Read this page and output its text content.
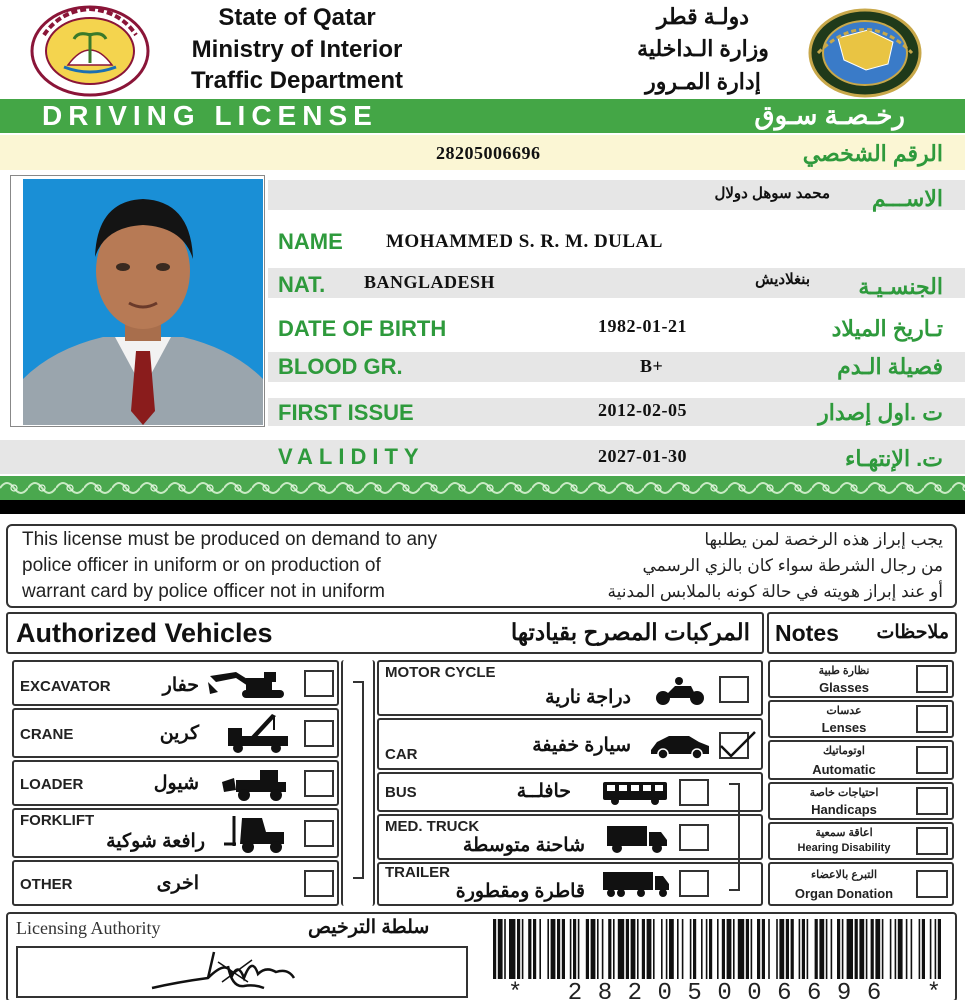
State of Qatar
Ministry of Interior
Traffic Department
دولـة قطر
وزارة الـداخلية
إدارة المـرور
DRIVING LICENSE	رخـصـة سـوق
28205006696	الرقم الشخصي
محمد سوهل دولال الاســـم
NAME MOHAMMED S. R. M. DULAL
NAT. BANGLADESH	بنغلاديش الجنسـيـة
DATE OF BIRTH	1982-01-21	تـاريخ الميلاد
BLOOD GR.	B+	فصيلة الـدم
FIRST ISSUE	2012-02-05	ت .اول إصدار
VALIDITY	2027-01-30	ت. الإنتهـاء
This license must be produced on demand to any
police officer in uniform or on production of
warrant card by police officer not in uniform
يجب إبراز هذه الرخصة لمن يطلبها
من رجال الشرطة سواء كان بالزي الرسمي
أو عند إبراز هويته في حالة كونه بالملابس المدنية
Authorized Vehicles	المركبات المصرح بقيادتها Notes ملاحظات
EXCAVATOR	حفار
CRANE	كرين
LOADER	شيول
FORKLIFT
رافعة شوكية
OTHER	اخرى
MOTOR CYCLE
دراجة نارية
CAR	سيارة خفيفة
BUS	حافلــة
MED. TRUCK
شاحنة متوسطة
TRAILER
قاطرة ومقطورة
نظارة طبية
Glasses
عدسات
Lenses
اوتوماتيك
Automatic
احتياجات خاصة
Handicaps
اعاقة سمعية
Hearing Disability
التبرع بالاعضاء
Organ Donation
Licensing Authority	سلطة الترخيص
* 28205006696 *
